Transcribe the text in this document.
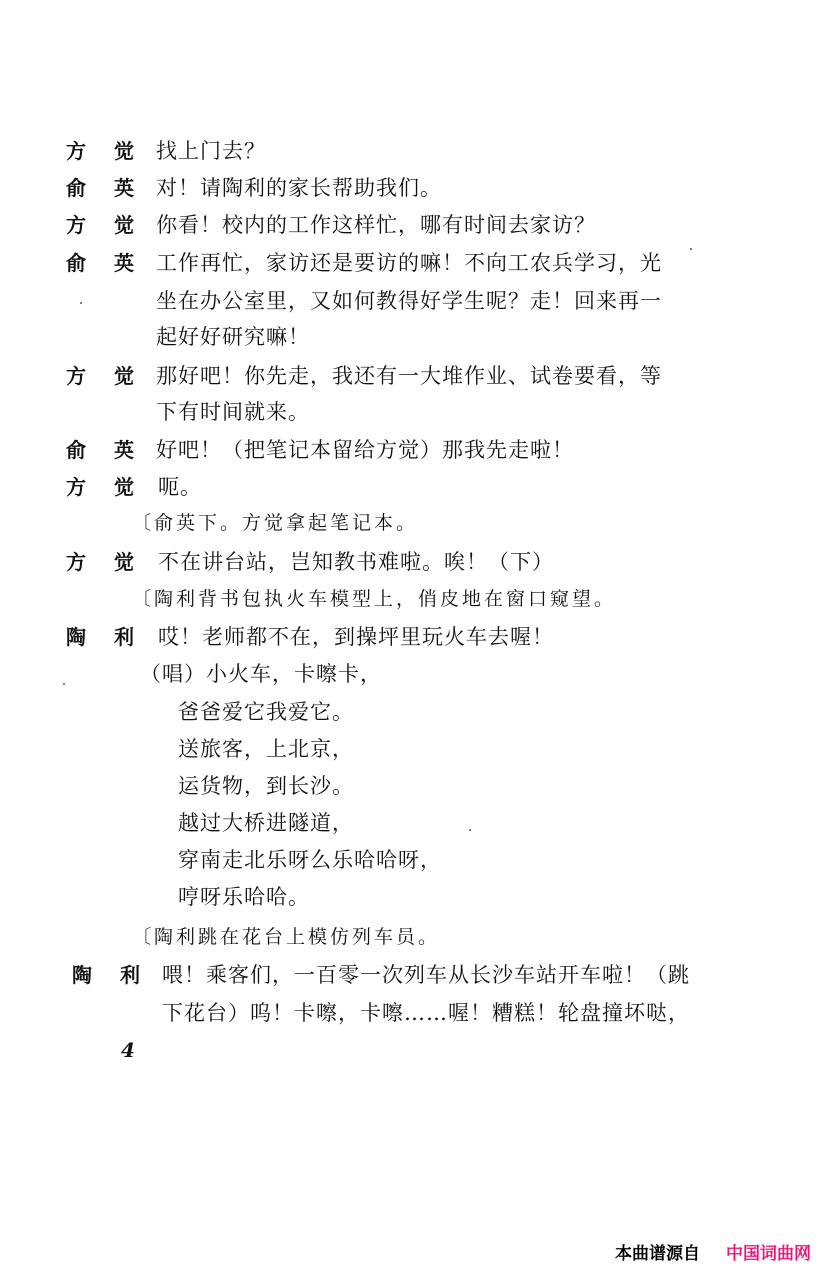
方 觉 找上门去？
俞 英 对！请陶利的家长帮助我们。
方 觉 你看！校内的工作这样忙，哪有时间去家访？
俞 英 工作再忙，家访还是要访的嘛！不向工农兵学习，光
坐在办公室里，又如何教得好学生呢？走！回来再一
起好好研究嘛！
方 觉 那好吧！你先走，我还有一大堆作业、试卷要看，等
下有时间就来。
俞 英 好吧！（把笔记本留给方觉）那我先走啦！
方 觉 呃。
〔俞英下。方觉拿起笔记本。
方 觉 不在讲台站，岂知教书难啦。唉！（下）
〔陶利背书包执火车模型上，俏皮地在窗口窥望。
陶 利 哎！老师都不在，到操坪里玩火车去喔！
（唱）小火车，卡嚓卡，
爸爸爱它我爱它。
送旅客，上北京，
运货物，到长沙。
越过大桥进隧道，
穿南走北乐呀么乐哈哈呀，
哼呀乐哈哈。
〔陶利跳在花台上模仿列车员。
陶 利 喂！乘客们，一百零一次列车从长沙车站开车啦！（跳
下花台）呜！卡嚓，卡嚓……喔！糟糕！轮盘撞坏哒，
4
本曲谱源自 中国词曲网
